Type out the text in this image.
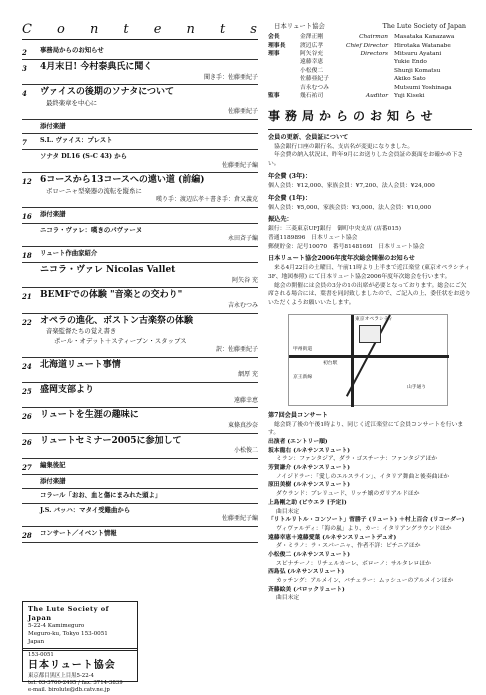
C o n t e n t s
2	事務局からのお知らせ
3	4月末日! 今村泰典氏に聞く
聞き手：佐藤亜紀子
4	ヴァイスの後期のソナタについて
最終楽章を中心に
佐藤亜紀子
添付楽譜
7	S.L. ヴァイス：プレスト
ソナタ DL16 (S-C 43) から
佐藤亜紀子編
12 6コースから13コースへの遠い道 (前編)
ボローニャ型楽器の流転を縦糸に
嘆り手：渡辺広孝＋書き手：倉又義克
16	添付楽譜
ニコラ・ヴァレ：嘆きのパヴァーヌ
永田斉子編
18	リュート作曲家紹介
ニコラ・ヴァレ Nicolas Vallet
阿矢谷 充
21 BEMFでの体験 "音楽との交わり"
吉永むつみ
22 オペラの進化、ボストン古楽祭の体験
音楽監督たちの覚え書き
ポール・オデット＋スティーブン・スタッブス
訳：佐藤亜紀子
24 北海道リュート事情
網厚 充
25 盛岡支部より
遠藤幸恵
26 リュートを生涯の趣味に
東條真沙奈
26 リュートセミナー2005に参加して
小松俊二
27	編集後記
添付楽譜
コラール「おお、血と傷にまみれた頭よ」
J.S. バッハ：マタイ受難曲から
佐藤亜紀子編
28	コンサート／イベント情報
The Lute Society of Japan
5-22-4 Kamimeguro
Meguro-ku, Tokyo 153-0051
Japan
153-0051
日本リュート協会
東京都目黒区上目黒5-22-4
tel. 03-3760-2495 / fax. 3714-3839
e-mail. birolute@db.catv.ne.jp
日本リュート協会	The Lute Society of Japan
会長	金澤正剛	Chairman	Masataka Kanazawa
理事長	渡辺広孝	Chief Director	Hirotaka Watanabe
理事	阿矢谷充	Directors	Mitsuru Ayatani
遠藤幸恵	Yukie Endo
小松俊二	Shunji Komatsu
佐藤亜紀子	Akiko Sato
吉永むつみ	Mutsumi Yoshinaga
監事	幾石祐司	Auditor	Yuji Kiseki
事務局からのお知らせ
会員の更新、会員証について

協会銀行口座の銀行名、支店名が変更になりました。

年会費の納入状況は、昨年9月にお送りした会員証の裏面をお確かめ下さい。

年会費 (3年)：

個人会員：¥12,000、家族会員：¥7,200、法人会員：¥24,000

年会費 (1年)：

個人会員：¥5,000、家族会員：¥3,000、法人会員：¥10,000

振込先：

銀行：三菱東京UFJ銀行　御町中央支店 (店番015)

普通1189896　日本リュート協会

郵便貯金：記号10070　番号8148169I　日本リュート協会

日本リュート協会2006年度年次総会開催のお知らせ

来る4月22日の土曜日、午前11時より上半まで近江楽堂 (東京オペラシティ3F、地図参照) にて日本リュート協会2006年度年次総会を行います。

総会の開催には会員の3分の1の出席が必要となっております。総会にご欠席される場合には、葉書を同封致しましたので、ご記入の上、委任状をお送りいただくようお願いいたします。

東京オペラシティ
初台駅
甲州街道
山手通り
京王新線
第7回会員コンサート

総会終了後の午後1時より、同じく近江楽堂にて会員コンサートを行います。

出演者 (エントリー順)

坂本龍右 (ルネサンスリュート)

ミラン：ファンタジア、ダラ・ゴスチーナ：ファンタジアほか

芳賀謙介 (ルネサンスリュート)

ノイジドラー：「愛しのエルスライン」、イタリア舞曲と後奏曲ほか

原田美樹 (ルネサンスリュート)

ダウランド：ブレリュード、リッチ嬢のガリアルドほか

上島剛之助 (ビウエラ [予定])

曲目未定

「リトルリトル・コンソート」菅勝子 (リュート) ＋村上百合 (リコーダー)

ヴィヴァルディ：「海の嵐」より、カー：イタリアングラウンドほか

遠藤幸恵＋遠藤愛葉 (ルネサンスリュートデュオ)

ダ・ミラノ：ラ・スパーニャ、作者不詳：ピチニアほか

小松俊二 (ルネサンスリュート)

スピナチーノ：リチェルカーレ、ボローノ：サルタレロほか

西島弘 (ルネサンスリュート)

カッチング：アルメイン、バチェラー：ムッシューのアルメインほか

斉藤絵美 (バロックリュート)

曲目未定
